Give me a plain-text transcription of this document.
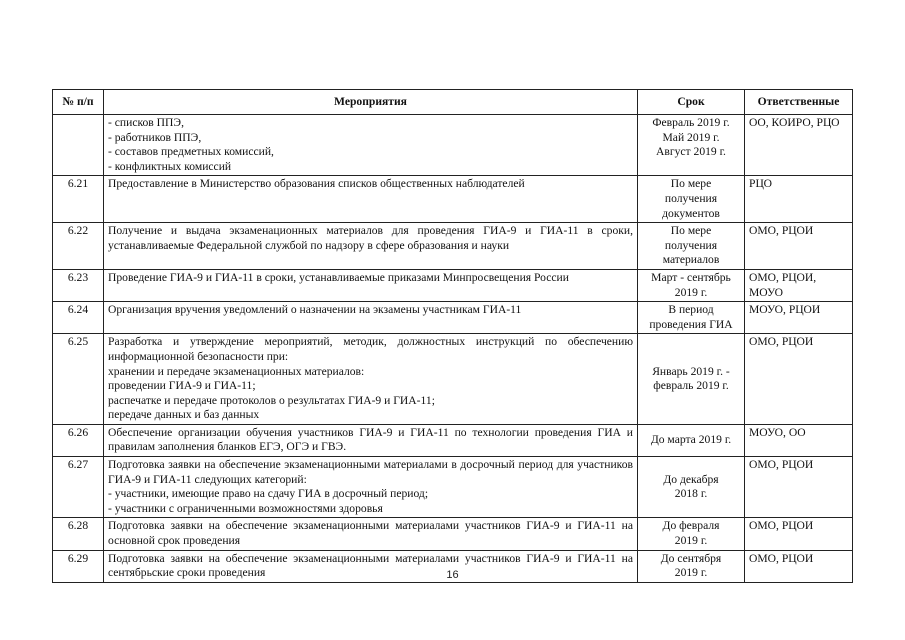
№ п/п	Мероприятия	Срок	Ответственные

	- списков ППЭ,
- работников ППЭ,
- составов предметных комиссий,
- конфликтных комиссий	Февраль 2019 г.
Май 2019 г.
Август 2019 г.	ОО, КОИРО, РЦО

6.21	Предоставление в Министерство образования списков общественных наблюдателей	По мере
получения
документов	РЦО

6.22	Получение и выдача экзаменационных материалов для проведения ГИА-9 и ГИА-11 в сроки, устанавливаемые Федеральной службой по надзору в сфере образования и науки	По мере
получения
материалов	ОМО, РЦОИ

6.23	Проведение ГИА-9 и ГИА-11 в сроки, устанавливаемые приказами Минпросвещения России	Март - сентябрь
2019 г.	ОМО, РЦОИ,
МОУО

6.24	Организация вручения уведомлений о назначении на экзамены участникам ГИА-11	В период
проведения ГИА	МОУО, РЦОИ

6.25	Разработка и утверждение мероприятий, методик, должностных инструкций по обеспечению информационной безопасности при:
хранении и передаче экзаменационных материалов:
проведении ГИА-9 и ГИА-11;
распечатке и передаче протоколов о результатах ГИА-9 и ГИА-11;
передаче данных и баз данных	Январь 2019 г. -
февраль 2019 г.	ОМО, РЦОИ

6.26	Обеспечение организации обучения участников ГИА-9 и ГИА-11 по технологии проведения ГИА и правилам заполнения бланков ЕГЭ, ОГЭ и ГВЭ.	До марта 2019 г.	МОУО, ОО

6.27	Подготовка заявки на обеспечение экзаменационными материалами в досрочный период для участников ГИА-9 и ГИА-11 следующих категорий:
- участники, имеющие право на сдачу ГИА в досрочный период;
- участники с ограниченными возможностями здоровья	До декабря
2018 г.	ОМО, РЦОИ

6.28	Подготовка заявки на обеспечение экзаменационными материалами участников ГИА-9 и ГИА-11 на основной срок проведения	До февраля
2019 г.	ОМО, РЦОИ

6.29	Подготовка заявки на обеспечение экзаменационными материалами участников ГИА-9 и ГИА-11 на сентябрьские сроки проведения	До сентября
2019 г.	ОМО, РЦОИ
16
